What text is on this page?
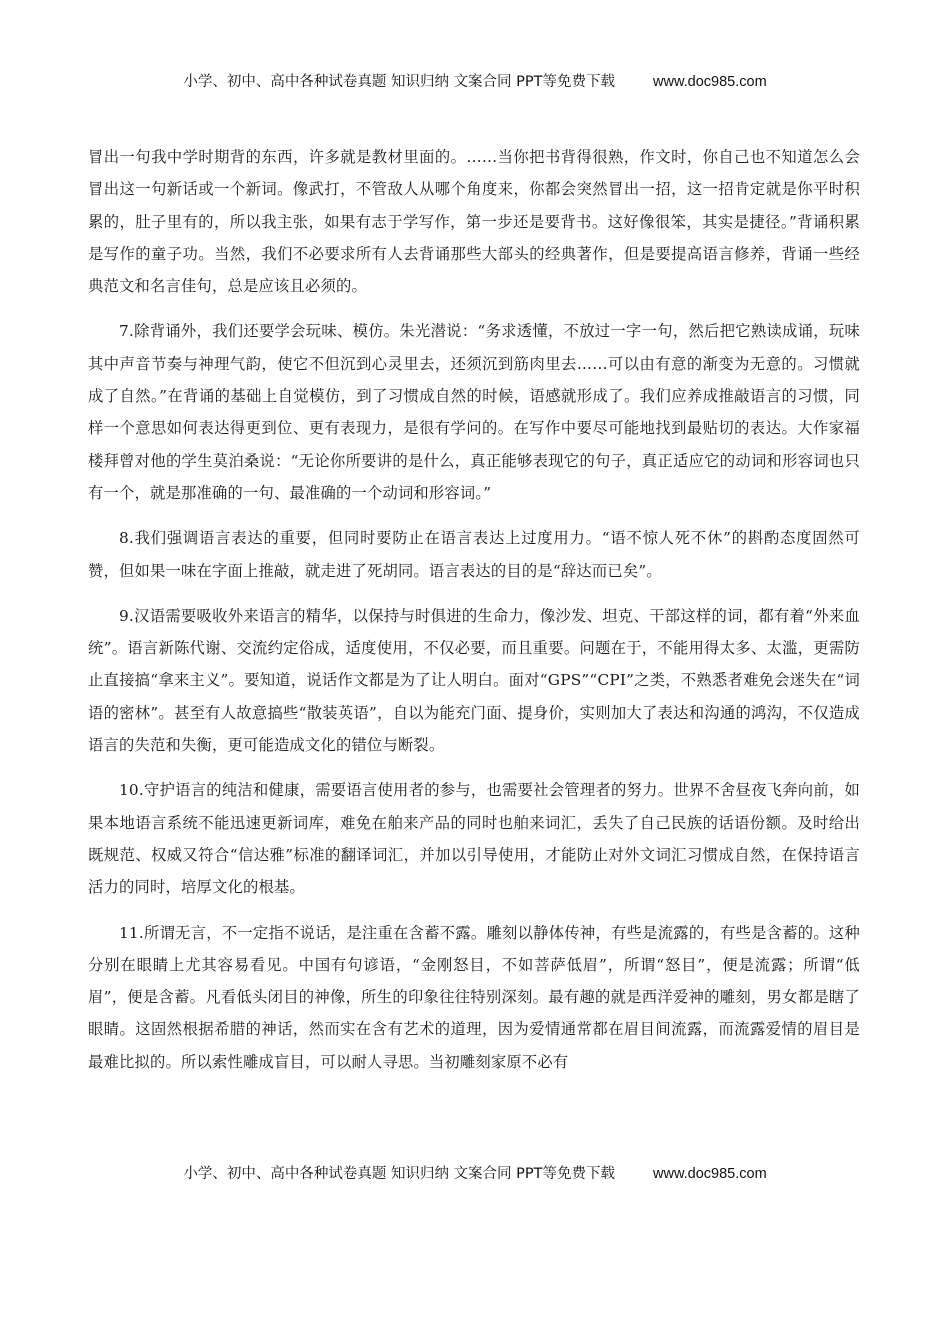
小学、初中、高中各种试卷真题 知识归纳 文案合同 PPT等免费下载	www.doc985.com

冒出一句我中学时期背的东西，许多就是教材里面的。……当你把书背得很熟，作文时，你自己也不知道怎么会冒出这一句新话或一个新词。像武打，不管敌人从哪个角度来，你都会突然冒出一招，这一招肯定就是你平时积累的，肚子里有的，所以我主张，如果有志于学写作，第一步还是要背书。这好像很笨，其实是捷径。”背诵积累是写作的童子功。当然，我们不必要求所有人去背诵那些大部头的经典著作，但是要提高语言修养，背诵一些经典范文和名言佳句，总是应该且必须的。

7.除背诵外，我们还要学会玩味、模仿。朱光潜说：“务求透懂，不放过一字一句，然后把它熟读成诵，玩味其中声音节奏与神理气韵，使它不但沉到心灵里去，还须沉到筋肉里去……可以由有意的渐变为无意的。习惯就成了自然。”在背诵的基础上自觉模仿，到了习惯成自然的时候，语感就形成了。我们应养成推敲语言的习惯，同样一个意思如何表达得更到位、更有表现力，是很有学问的。在写作中要尽可能地找到最贴切的表达。大作家福楼拜曾对他的学生莫泊桑说：“无论你所要讲的是什么，真正能够表现它的句子，真正适应它的动词和形容词也只有一个，就是那准确的一句、最准确的一个动词和形容词。”

8.我们强调语言表达的重要，但同时要防止在语言表达上过度用力。“语不惊人死不休”的斟酌态度固然可赞，但如果一味在字面上推敲，就走进了死胡同。语言表达的目的是“辞达而已矣”。

9.汉语需要吸收外来语言的精华，以保持与时俱进的生命力，像沙发、坦克、干部这样的词，都有着“外来血统”。语言新陈代谢、交流约定俗成，适度使用，不仅必要，而且重要。问题在于，不能用得太多、太滥，更需防止直接搞“拿来主义”。要知道，说话作文都是为了让人明白。面对“GPS”“CPI”之类，不熟悉者难免会迷失在“词语的密林”。甚至有人故意搞些“散装英语”，自以为能充门面、提身价，实则加大了表达和沟通的鸿沟，不仅造成语言的失范和失衡，更可能造成文化的错位与断裂。

10.守护语言的纯洁和健康，需要语言使用者的参与，也需要社会管理者的努力。世界不舍昼夜飞奔向前，如果本地语言系统不能迅速更新词库，难免在舶来产品的同时也舶来词汇，丢失了自己民族的话语份额。及时给出既规范、权威又符合“信达雅”标准的翻译词汇，并加以引导使用，才能防止对外文词汇习惯成自然，在保持语言活力的同时，培厚文化的根基。

11.所谓无言，不一定指不说话，是注重在含蓄不露。雕刻以静体传神，有些是流露的，有些是含蓄的。这种分别在眼睛上尤其容易看见。中国有句谚语，“金刚怒目，不如菩萨低眉”，所谓“怒目”，便是流露；所谓“低眉”，便是含蓄。凡看低头闭目的神像，所生的印象往往特别深刻。最有趣的就是西洋爱神的雕刻，男女都是瞎了眼睛。这固然根据希腊的神话，然而实在含有艺术的道理，因为爱情通常都在眉目间流露，而流露爱情的眉目是最难比拟的。所以索性雕成盲目，可以耐人寻思。当初雕刻家原不必有

小学、初中、高中各种试卷真题 知识归纳 文案合同 PPT等免费下载	www.doc985.com
